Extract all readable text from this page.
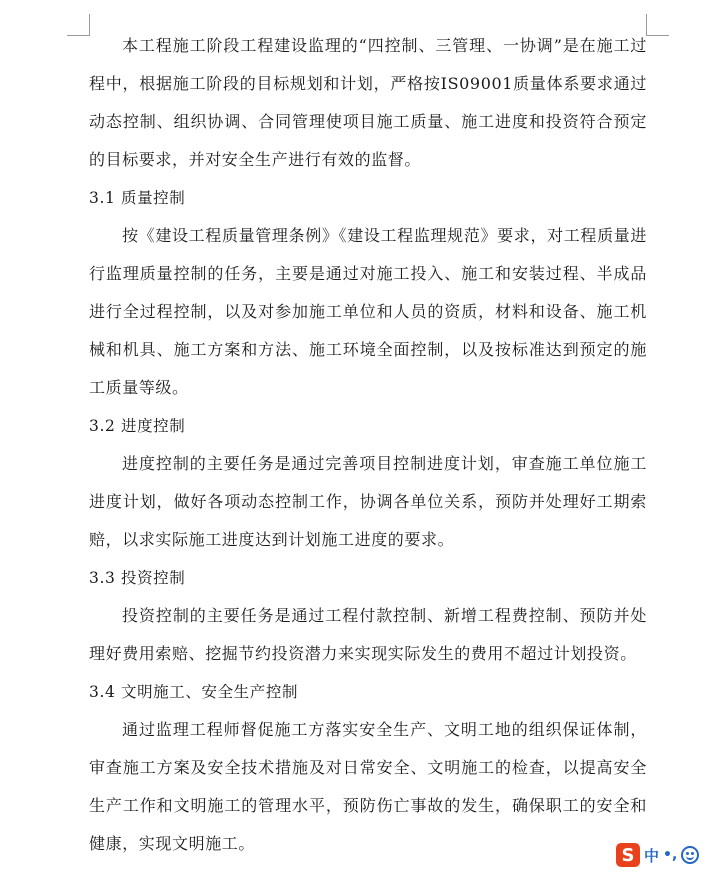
本工程施工阶段工程建设监理的“四控制、三管理、一协调”是在施工过程中，根据施工阶段的目标规划和计划，严格按IS09001质量体系要求通过动态控制、组织协调、合同管理使项目施工质量、施工进度和投资符合预定的目标要求，并对安全生产进行有效的监督。

3.1 质量控制

按《建设工程质量管理条例》《建设工程监理规范》要求，对工程质量进行监理质量控制的任务，主要是通过对施工投入、施工和安装过程、半成品进行全过程控制，以及对参加施工单位和人员的资质，材料和设备、施工机械和机具、施工方案和方法、施工环境全面控制，以及按标准达到预定的施工质量等级。

3.2 进度控制

进度控制的主要任务是通过完善项目控制进度计划，审查施工单位施工进度计划，做好各项动态控制工作，协调各单位关系，预防并处理好工期索赔，以求实际施工进度达到计划施工进度的要求。

3.3 投资控制

投资控制的主要任务是通过工程付款控制、新增工程费控制、预防并处理好费用索赔、挖掘节约投资潜力来实现实际发生的费用不超过计划投资。

3.4 文明施工、安全生产控制

通过监理工程师督促施工方落实安全生产、文明工地的组织保证体制，审查施工方案及安全技术措施及对日常安全、文明施工的检查，以提高安全生产工作和文明施工的管理水平，预防伤亡事故的发生，确保职工的安全和健康，实现文明施工。

S 中 •,
